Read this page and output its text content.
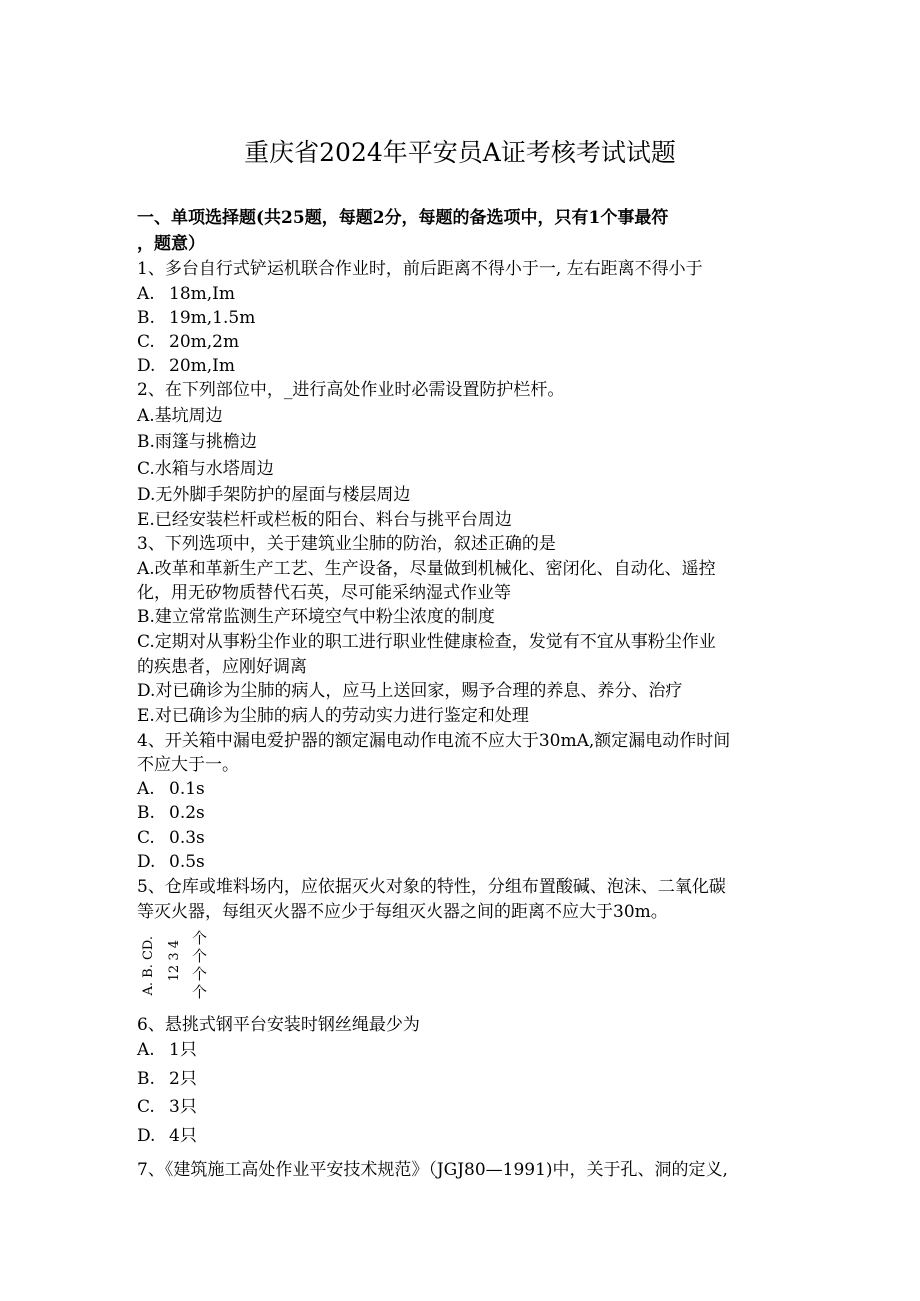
重庆省2024年平安员A证考核考试试题
一、单项选择题(共25题，每题2分，每题的备选项中，只有1个事最符
，题意）
1、多台自行式铲运机联合作业时，前后距离不得小于一, 左右距离不得小于
A. 18m,Im
B. 19m,1.5m
C. 20m,2m
D. 20m,Im
2、在下列部位中，_进行高处作业时必需设置防护栏杆。
A.基坑周边
B.雨篷与挑檐边
C.水箱与水塔周边
D.无外脚手架防护的屋面与楼层周边
E.已经安装栏杆或栏板的阳台、料台与挑平台周边
3、下列选项中，关于建筑业尘肺的防治，叙述正确的是
A.改革和革新生产工艺、生产设备，尽量做到机械化、密闭化、自动化、遥控
化，用无矽物质替代石英，尽可能采纳湿式作业等
B.建立常常监测生产环境空气中粉尘浓度的制度
C.定期对从事粉尘作业的职工进行职业性健康检查，发觉有不宜从事粉尘作业
的疾患者，应刚好调离
D.对已确诊为尘肺的病人，应马上送回家，赐予合理的养息、养分、治疗
E.对已确诊为尘肺的病人的劳动实力进行鉴定和处理
4、开关箱中漏电爱护器的额定漏电动作电流不应大于30mA,额定漏电动作时间
不应大于一。
A. 0.1s
B. 0.2s
C. 0.3s
D. 0.5s
5、仓库或堆料场内，应依据灭火对象的特性，分组布置酸碱、泡沫、二氧化碳
等灭火器，每组灭火器不应少于每组灭火器之间的距离不应大于30m。
A. B. CD. 12 3 4
个
个
个
个
6、悬挑式钢平台安装时钢丝绳最少为
A. 1只
B. 2只
C. 3只
D. 4只
7、《建筑施工高处作业平安技术规范》（JGJ80—1991)中，关于孔、洞的定义,
